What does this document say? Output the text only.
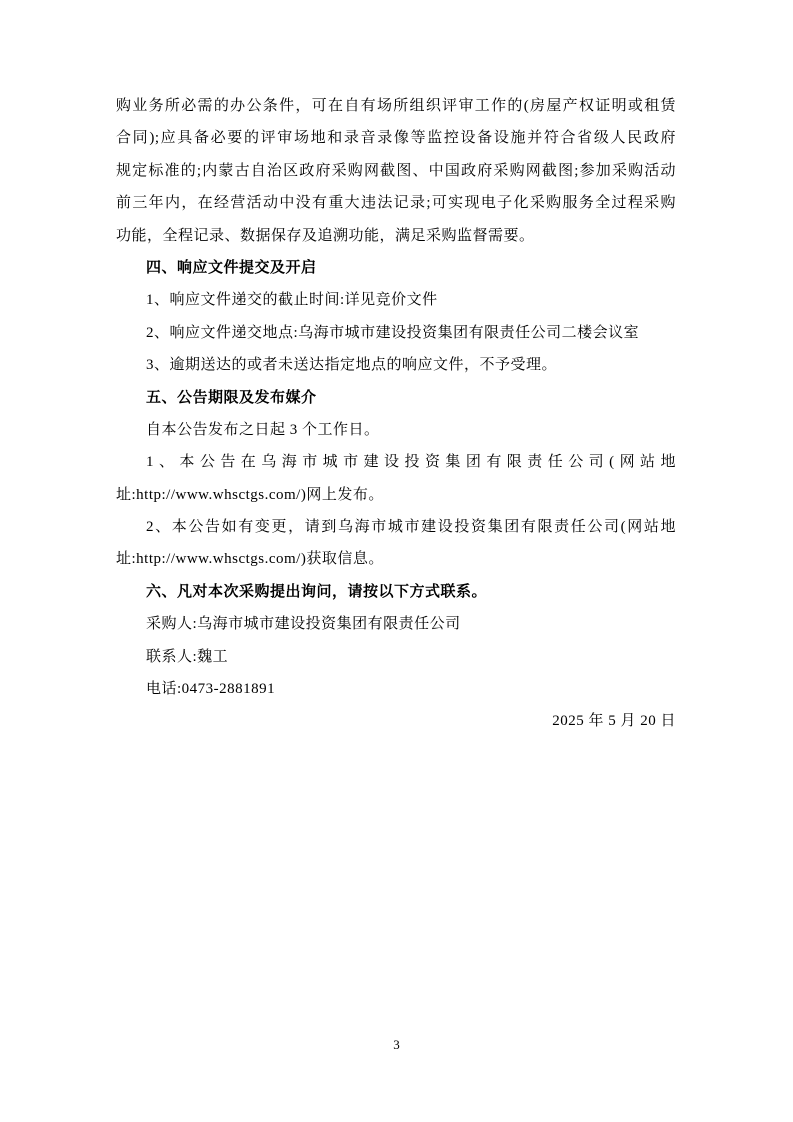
购业务所必需的办公条件，可在自有场所组织评审工作的(房屋产权证明或租赁
合同);应具备必要的评审场地和录音录像等监控设备设施并符合省级人民政府
规定标准的;内蒙古自治区政府采购网截图、中国政府采购网截图;参加采购活动
前三年内，在经营活动中没有重大违法记录;可实现电子化采购服务全过程采购
功能，全程记录、数据保存及追溯功能，满足采购监督需要。
四、响应文件提交及开启
1、响应文件递交的截止时间:详见竞价文件
2、响应文件递交地点:乌海市城市建设投资集团有限责任公司二楼会议室
3、逾期送达的或者未送达指定地点的响应文件，不予受理。
五、公告期限及发布媒介
自本公告发布之日起 3 个工作日。
1、本公告在乌海市城市建设投资集团有限责任公司(网站地
址:http://www.whsctgs.com/)网上发布。
2、本公告如有变更，请到乌海市城市建设投资集团有限责任公司(网站地
址:http://www.whsctgs.com/)获取信息。
六、凡对本次采购提出询问，请按以下方式联系。
采购人:乌海市城市建设投资集团有限责任公司
联系人:魏工
电话:0473-2881891
2025 年 5 月 20 日
3
